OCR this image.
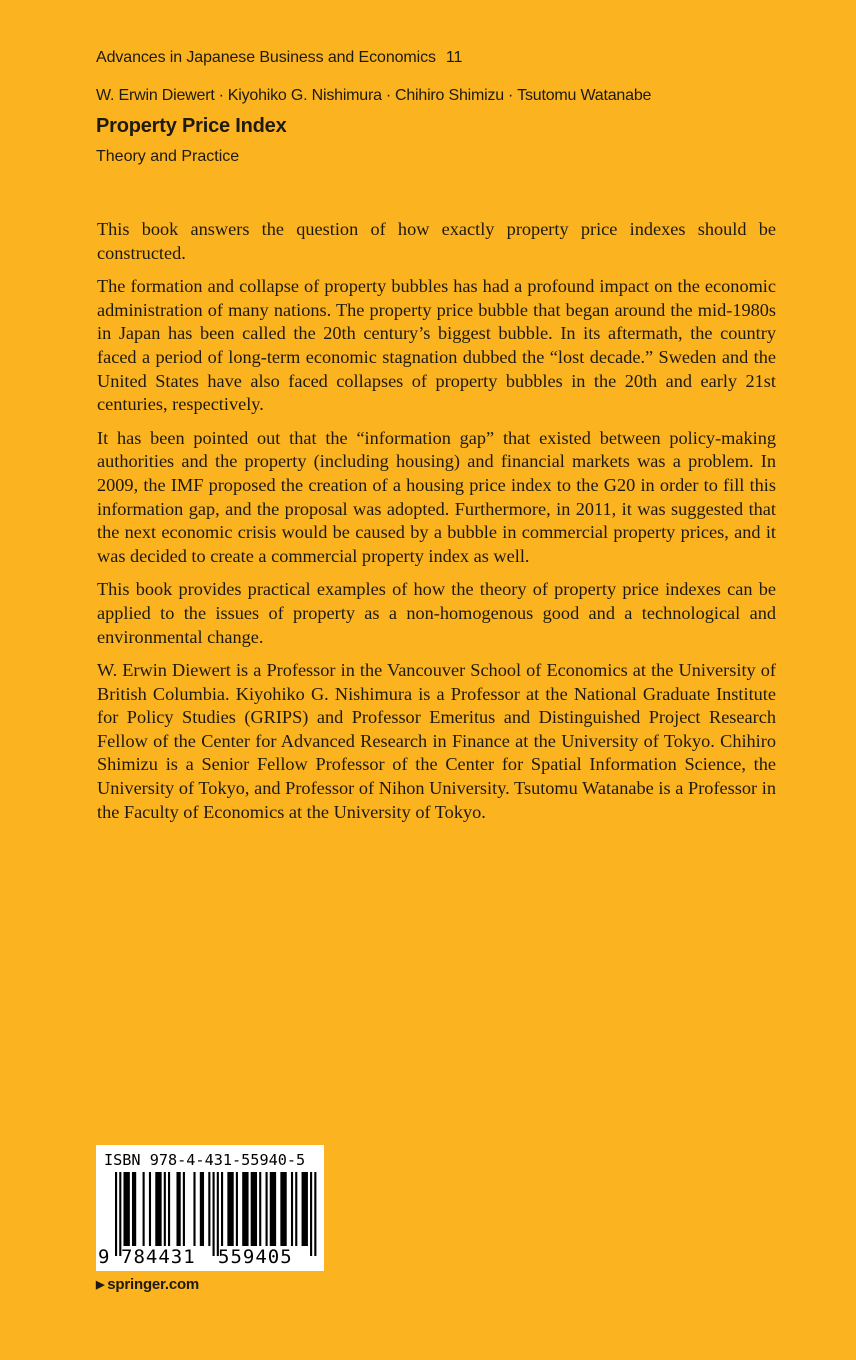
Advances in Japanese Business and Economics 11
W. Erwin Diewert · Kiyohiko G. Nishimura · Chihiro Shimizu · Tsutomu Watanabe
Property Price Index
Theory and Practice

This book answers the question of how exactly property price indexes should be constructed.

The formation and collapse of property bubbles has had a profound impact on the economic administration of many nations. The property price bubble that began around the mid-1980s in Japan has been called the 20th century’s biggest bubble. In its aftermath, the country faced a period of long-term economic stagnation dubbed the “lost decade.” Sweden and the United States have also faced collapses of property bubbles in the 20th and early 21st centuries, respectively.

It has been pointed out that the “information gap” that existed between policy-making authorities and the property (including housing) and financial markets was a problem. In 2009, the IMF proposed the creation of a housing price index to the G20 in order to fill this information gap, and the proposal was adopted. Furthermore, in 2011, it was suggested that the next economic crisis would be caused by a bubble in commercial property prices, and it was decided to create a commercial property index as well.

This book provides practical examples of how the theory of property price indexes can be applied to the issues of property as a non-homogenous good and a technological and environmental change.

W. Erwin Diewert is a Professor in the Vancouver School of Economics at the University of British Columbia. Kiyohiko G. Nishimura is a Professor at the National Graduate Institute for Policy Studies (GRIPS) and Professor Emeritus and Distinguished Project Research Fellow of the Center for Advanced Research in Finance at the University of Tokyo. Chihiro Shimizu is a Senior Fellow Professor of the Center for Spatial Information Science, the University of Tokyo, and Professor of Nihon University. Tsutomu Watanabe is a Professor in the Faculty of Economics at the University of Tokyo.

ISBN 978-4-431-55940-5
9 784431 559405
▶ springer.com
